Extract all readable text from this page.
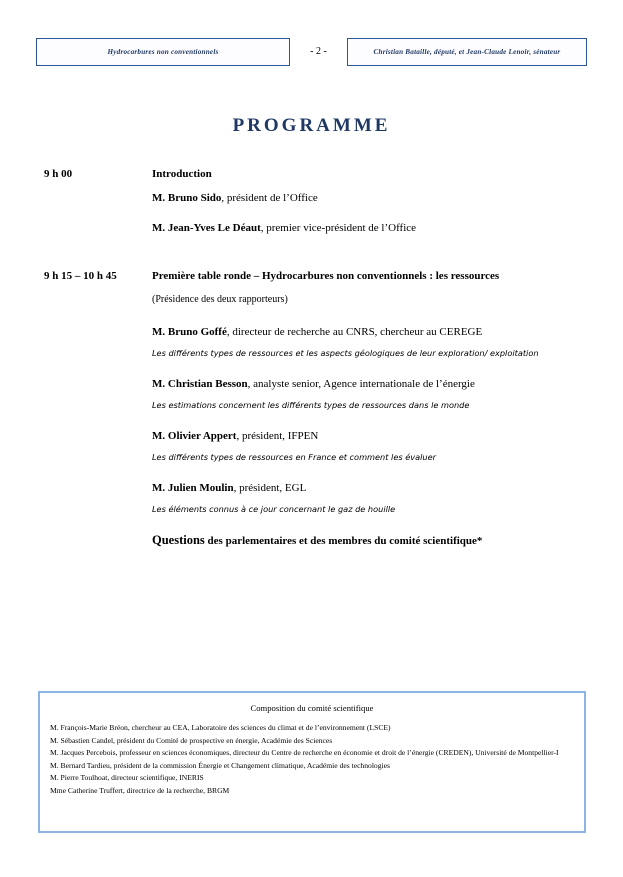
Hydrocarbures non conventionnels	- 2 -	Christian Bataille, député, et Jean-Claude Lenoir, sénateur
PROGRAMME
9 h 00	Introduction
M. Bruno Sido, président de l’Office
M. Jean-Yves Le Déaut, premier vice-président de l’Office
9 h 15 – 10 h 45	Première table ronde – Hydrocarbures non conventionnels : les ressources
(Présidence des deux rapporteurs)
M. Bruno Goffé, directeur de recherche au CNRS, chercheur au CEREGE
Les différents types de ressources et les aspects géologiques de leur exploration/ exploitation
M. Christian Besson, analyste senior, Agence internationale de l’énergie
Les estimations concernent les différents types de ressources dans le monde
M. Olivier Appert, président, IFPEN
Les différents types de ressources en France et comment les évaluer
M. Julien Moulin, président, EGL
Les éléments connus à ce jour concernant le gaz de houille
Questions des parlementaires et des membres du comité scientifique*
Composition du comité scientifique
M. François-Marie Bréon, chercheur au CEA, Laboratoire des sciences du climat et de l’environnement (LSCE)
M. Sébastien Candel, président du Comité de prospective en énergie, Académie des Sciences
M. Jacques Percebois, professeur en sciences économiques, directeur du Centre de recherche en économie et droit de l’énergie (CREDEN), Université de Montpellier-I
M. Bernard Tardieu, président de la commission Énergie et Changement climatique, Académie des technologies
M. Pierre Toulhoat, directeur scientifique, INERIS
Mme Catherine Truffert, directrice de la recherche, BRGM
